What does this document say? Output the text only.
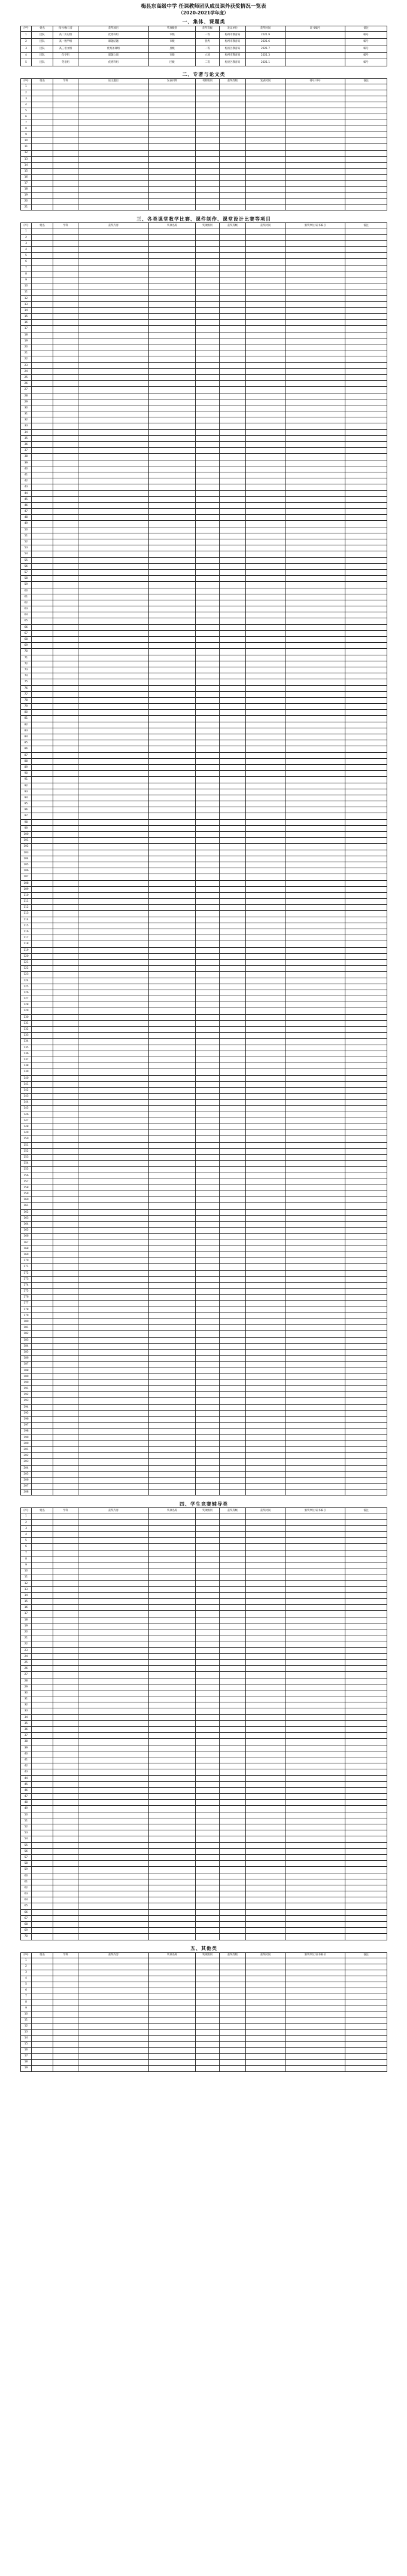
梅县东高级中学 任课教师团队成员课外获奖情况一览表
（2020-2021学年度）
一、集体、课题类									
序号	姓名	指导/参与者	获奖项目	奖项级别	获奖等级	发证单位	获奖时间	证书编号	备注
1	团队	高二历史组	优秀科组	市级	一等	梅州市教育局	2021.9		编号
2	团队	高一数学组	课题结题	市级	优秀	梅州市教育局	2021.6		编号
3	团队	高三语文组	优秀备课组	县级	一等	梅县区教育局	2021.7		编号
4	团队	化学组	课题立项	市级	立项	梅州市教育局	2021.3		编号
5	团队	英语组	优秀科组	区级	二等	梅县区教育局	2021.1		编号
二、专著与论文类									
序号	姓名	学科	论文题目	发表刊物	刊物级别	获奖等级	发表时间	刊号/书号	备注
1									
2									
3									
4									
5									
6									
7									
8									
9									
10									
11									
12									
13									
14									
15									
16									
17									
18									
19									
20									
21									
三、各类课堂教学比赛、课件制作、课堂设计比赛等项目									
序号	姓名	学科	获奖内容	奖项名称	奖项级别	获奖等级	获奖时间	颁奖单位/证书编号	备注
1									
2									
3									
4									
5									
6									
7									
8									
9									
10									
11									
12									
13									
14									
15									
16									
17									
18									
19									
20									
21									
22									
23									
24									
25									
26									
27									
28									
29									
30									
31									
32									
33									
34									
35									
36									
37									
38									
39									
40									
41									
42									
43									
44									
45									
46									
47									
48									
49									
50									
51									
52									
53									
54									
55									
56									
57									
58									
59									
60									
61									
62									
63									
64									
65									
66									
67									
68									
69									
70									
71									
72									
73									
74									
75									
76									
77									
78									
79									
80									
81									
82									
83									
84									
85									
86									
87									
88									
89									
90									
91									
92									
93									
94									
95									
96									
97									
98									
99									
100									
101									
102									
103									
104									
105									
106									
107									
108									
109									
110									
111									
112									
113									
114									
115									
116									
117									
118									
119									
120									
121									
122									
123									
124									
125									
126									
127									
128									
129									
130									
131									
132									
133									
134									
135									
136									
137									
138									
139									
140									
141									
142									
143									
144									
145									
146									
147									
148									
149									
150									
151									
152									
153									
154									
155									
156									
157									
158									
159									
160									
161									
162									
163									
164									
165									
166									
167									
168									
169									
170									
171									
172									
173									
174									
175									
176									
177									
178									
179									
180									
181									
182									
183									
184									
185									
186									
187									
188									
189									
190									
191									
192									
193									
194									
195									
196									
197									
198									
199									
200									
201									
202									
203									
204									
205									
206									
207									
208									
四、学生竞赛辅导类									
序号	姓名	学科	获奖内容	奖项名称	奖项级别	获奖等级	获奖时间	颁奖单位/证书编号	备注
1									
2									
3									
4									
5									
6									
7									
8									
9									
10									
11									
12									
13									
14									
15									
16									
17									
18									
19									
20									
21									
22									
23									
24									
25									
26									
27									
28									
29									
30									
31									
32									
33									
34									
35									
36									
37									
38									
39									
40									
41									
42									
43									
44									
45									
46									
47									
48									
49									
50									
51									
52									
53									
54									
55									
56									
57									
58									
59									
60									
61									
62									
63									
64									
65									
66									
67									
68									
69									
70									
五、其他类									
序号	姓名	学科	获奖内容	奖项名称	奖项级别	获奖等级	获奖时间	颁奖单位/证书编号	备注
1									
2									
3									
4									
5									
6									
7									
8									
9									
10									
11									
12									
13									
14									
15									
16									
17									
18									
19									
